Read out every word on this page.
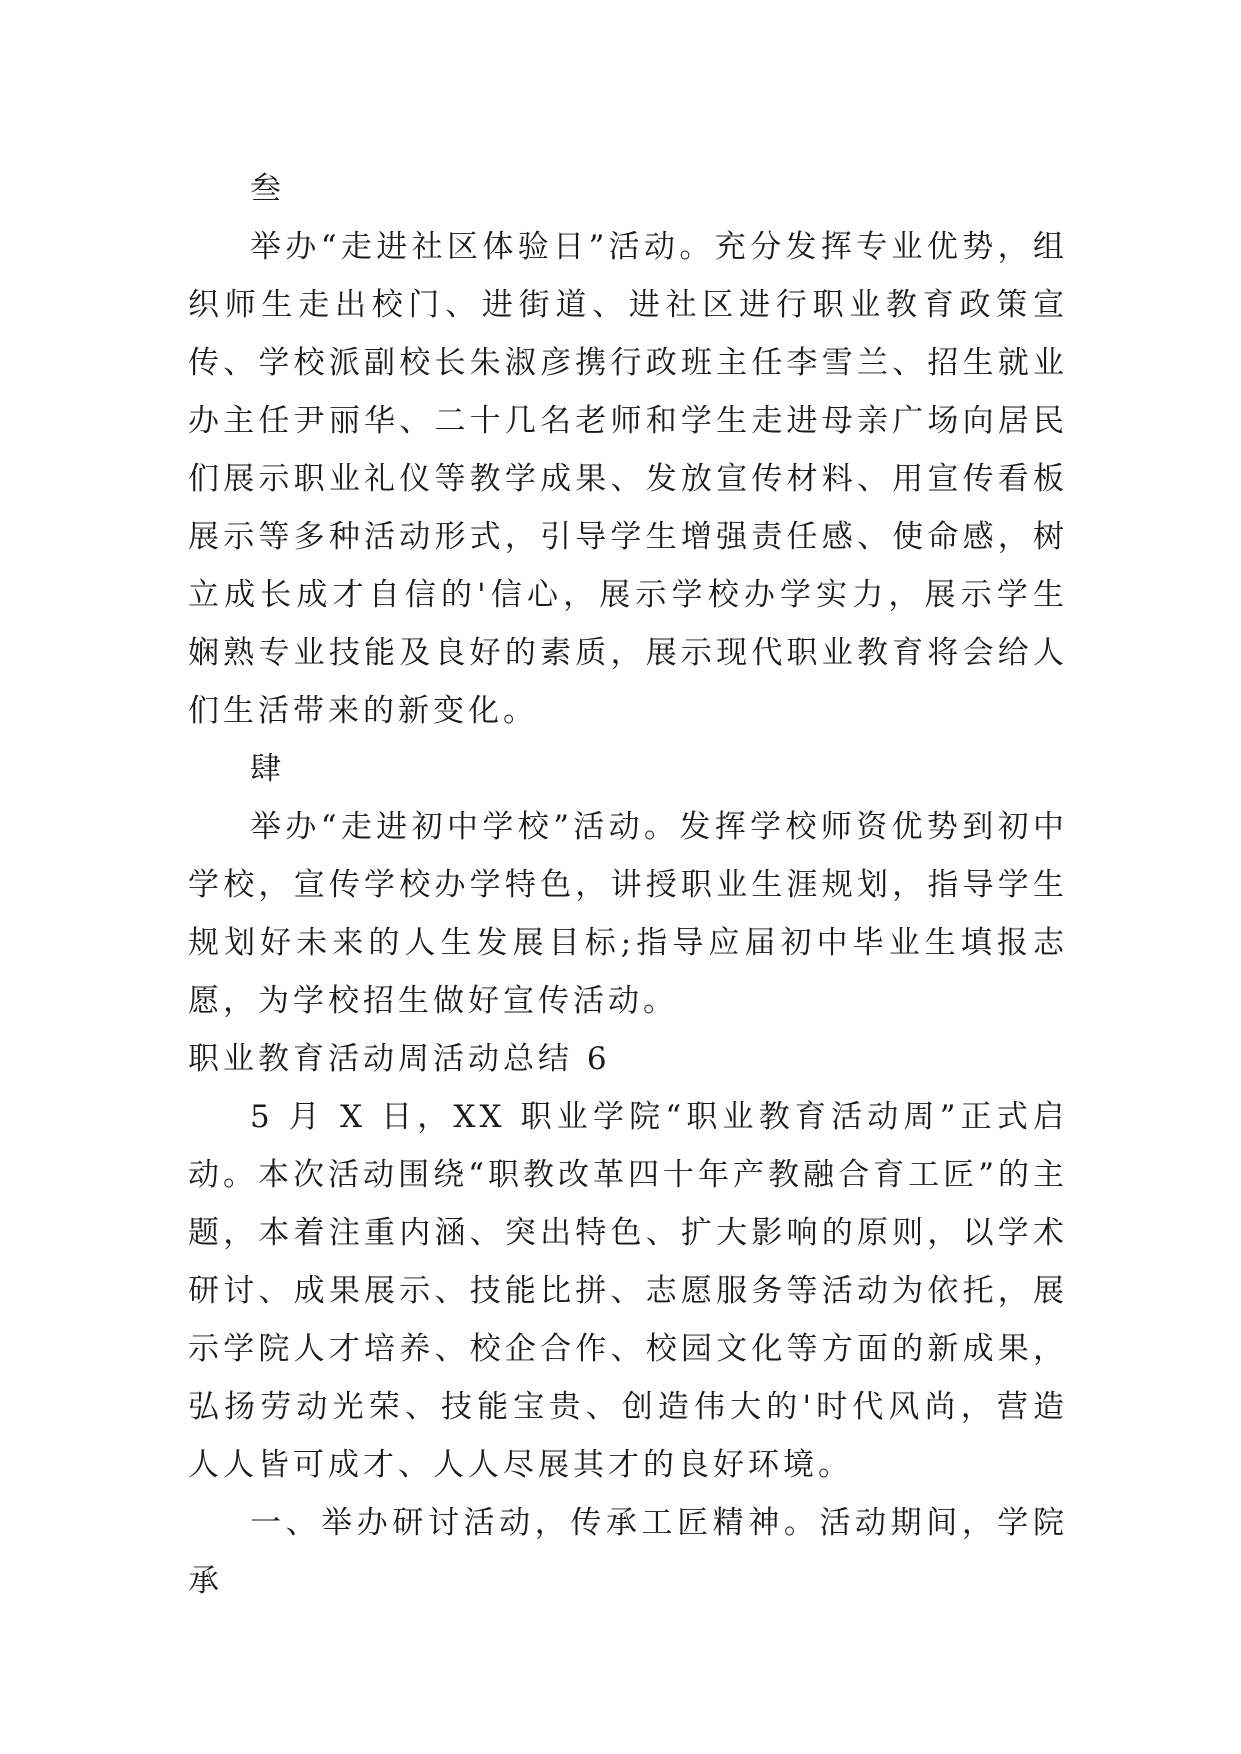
叁

举办“走进社区体验日”活动。充分发挥专业优势，组织师生走出校门、进街道、进社区进行职业教育政策宣传、学校派副校长朱淑彦携行政班主任李雪兰、招生就业办主任尹丽华、二十几名老师和学生走进母亲广场向居民们展示职业礼仪等教学成果、发放宣传材料、用宣传看板展示等多种活动形式，引导学生增强责任感、使命感，树立成长成才自信的'信心，展示学校办学实力，展示学生娴熟专业技能及良好的素质，展示现代职业教育将会给人们生活带来的新变化。

肆

举办“走进初中学校”活动。发挥学校师资优势到初中学校，宣传学校办学特色，讲授职业生涯规划，指导学生规划好未来的人生发展目标;指导应届初中毕业生填报志愿，为学校招生做好宣传活动。

职业教育活动周活动总结 6

5 月 X 日，XX 职业学院“职业教育活动周”正式启动。本次活动围绕“职教改革四十年产教融合育工匠”的主题，本着注重内涵、突出特色、扩大影响的原则，以学术研讨、成果展示、技能比拼、志愿服务等活动为依托，展示学院人才培养、校企合作、校园文化等方面的新成果，弘扬劳动光荣、技能宝贵、创造伟大的'时代风尚，营造人人皆可成才、人人尽展其才的良好环境。

一、举办研讨活动，传承工匠精神。活动期间，学院承
